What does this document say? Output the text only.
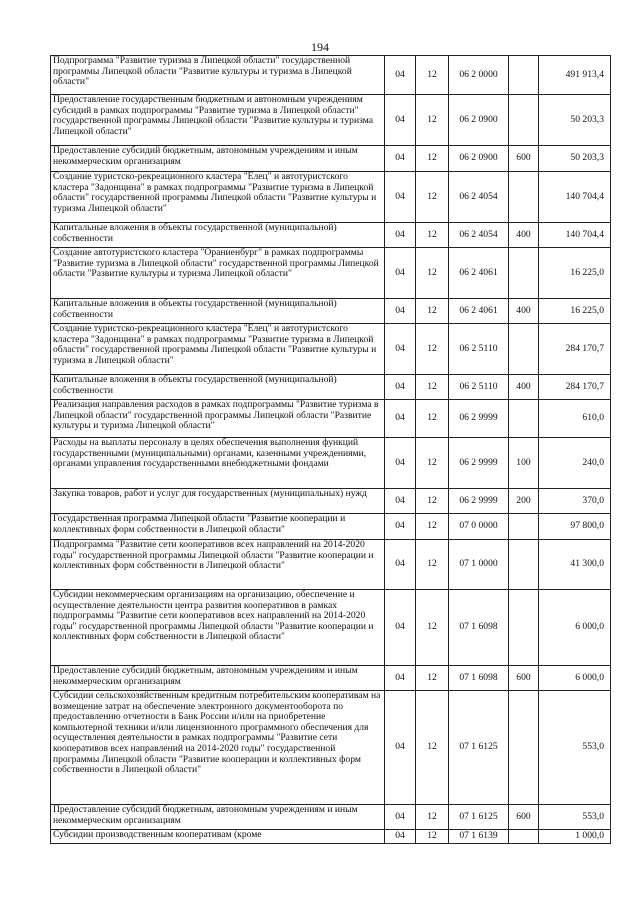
194
Подпрограмма "Развитие туризма в Липецкой области" государственной программы Липецкой области "Развитие культуры и туризма в Липецкой области"	04	12	06 2 0000		491 913,4
Предоставление государственным бюджетным и автономным учреждениям субсидий в рамках подпрограммы "Развитие туризма в Липецкой области" государственной программы Липецкой области "Развитие культуры и туризма Липецкой области"	04	12	06 2 0900		50 203,3
Предоставление субсидий бюджетным, автономным учреждениям и иным некоммерческим организациям	04	12	06 2 0900	600	50 203,3
Создание туристско-рекреационного кластера "Елец" и автотуристского кластера "Задонщина" в рамках подпрограммы "Развитие туризма в Липецкой области" государственной программы Липецкой области "Развитие культуры и туризма Липецкой области"	04	12	06 2 4054		140 704,4
Капитальные вложения в объекты государственной (муниципальной) собственности	04	12	06 2 4054	400	140 704,4
Создание автотуристского кластера "Ораниенбург" в рамках подпрограммы "Развитие туризма в Липецкой области" государственной программы Липецкой области "Развитие культуры и туризма Липецкой области"	04	12	06 2 4061		16 225,0
Капитальные вложения в объекты государственной (муниципальной) собственности	04	12	06 2 4061	400	16 225,0
Создание туристско-рекреационного кластера "Елец" и автотуристского кластера "Задонщина" в рамках подпрограммы "Развитие туризма в Липецкой области" государственной программы Липецкой области "Развитие культуры и туризма в Липецкой области"	04	12	06 2 5110		284 170,7
Капитальные вложения в объекты государственной (муниципальной) собственности	04	12	06 2 5110	400	284 170,7
Реализация направления расходов в рамках подпрограммы "Развитие туризма в Липецкой области" государственной программы Липецкой области "Развитие культуры и туризма Липецкой области"	04	12	06 2 9999		610,0
Расходы на выплаты персоналу в целях обеспечения выполнения функций государственными (муниципальными) органами, казенными учреждениями, органами управления государственными внебюджетными фондами	04	12	06 2 9999	100	240,0
Закупка товаров, работ и услуг для государственных (муниципальных) нужд	04	12	06 2 9999	200	370,0
Государственная программа Липецкой области "Развитие кооперации и коллективных форм собственности в Липецкой области"	04	12	07 0 0000		97 800,0
Подпрограмма "Развитие сети кооперативов всех направлений на 2014-2020 годы" государственной программы Липецкой области "Развитие кооперации и коллективных форм собственности в Липецкой области"	04	12	07 1 0000		41 300,0
Субсидии некоммерческим организациям на организацию, обеспечение и осуществление деятельности центра развития кооперативов в рамках подпрограммы "Развитие сети кооперативов всех направлений на 2014-2020 годы" государственной программы Липецкой области "Развитие кооперации и коллективных форм собственности в Липецкой области"	04	12	07 1 6098		6 000,0
Предоставление субсидий бюджетным, автономным учреждениям и иным некоммерческим организациям	04	12	07 1 6098	600	6 000,0
Субсидии сельскохозяйственным кредитным потребительским кооперативам на возмещение затрат на обеспечение электронного документооборота по предоставлению отчетности в Банк России и/или на приобретение компьютерной техники и/или лицензионного программного обеспечения для осуществления деятельности в рамках подпрограммы "Развитие сети кооперативов всех направлений на 2014-2020 годы" государственной программы Липецкой области "Развитие кооперации и коллективных форм собственности в Липецкой области"	04	12	07 1 6125		553,0
Предоставление субсидий бюджетным, автономным учреждениям и иным некоммерческим организациям	04	12	07 1 6125	600	553,0
Субсидии производственным кооперативам (кроме	04	12	07 1 6139		1 000,0
